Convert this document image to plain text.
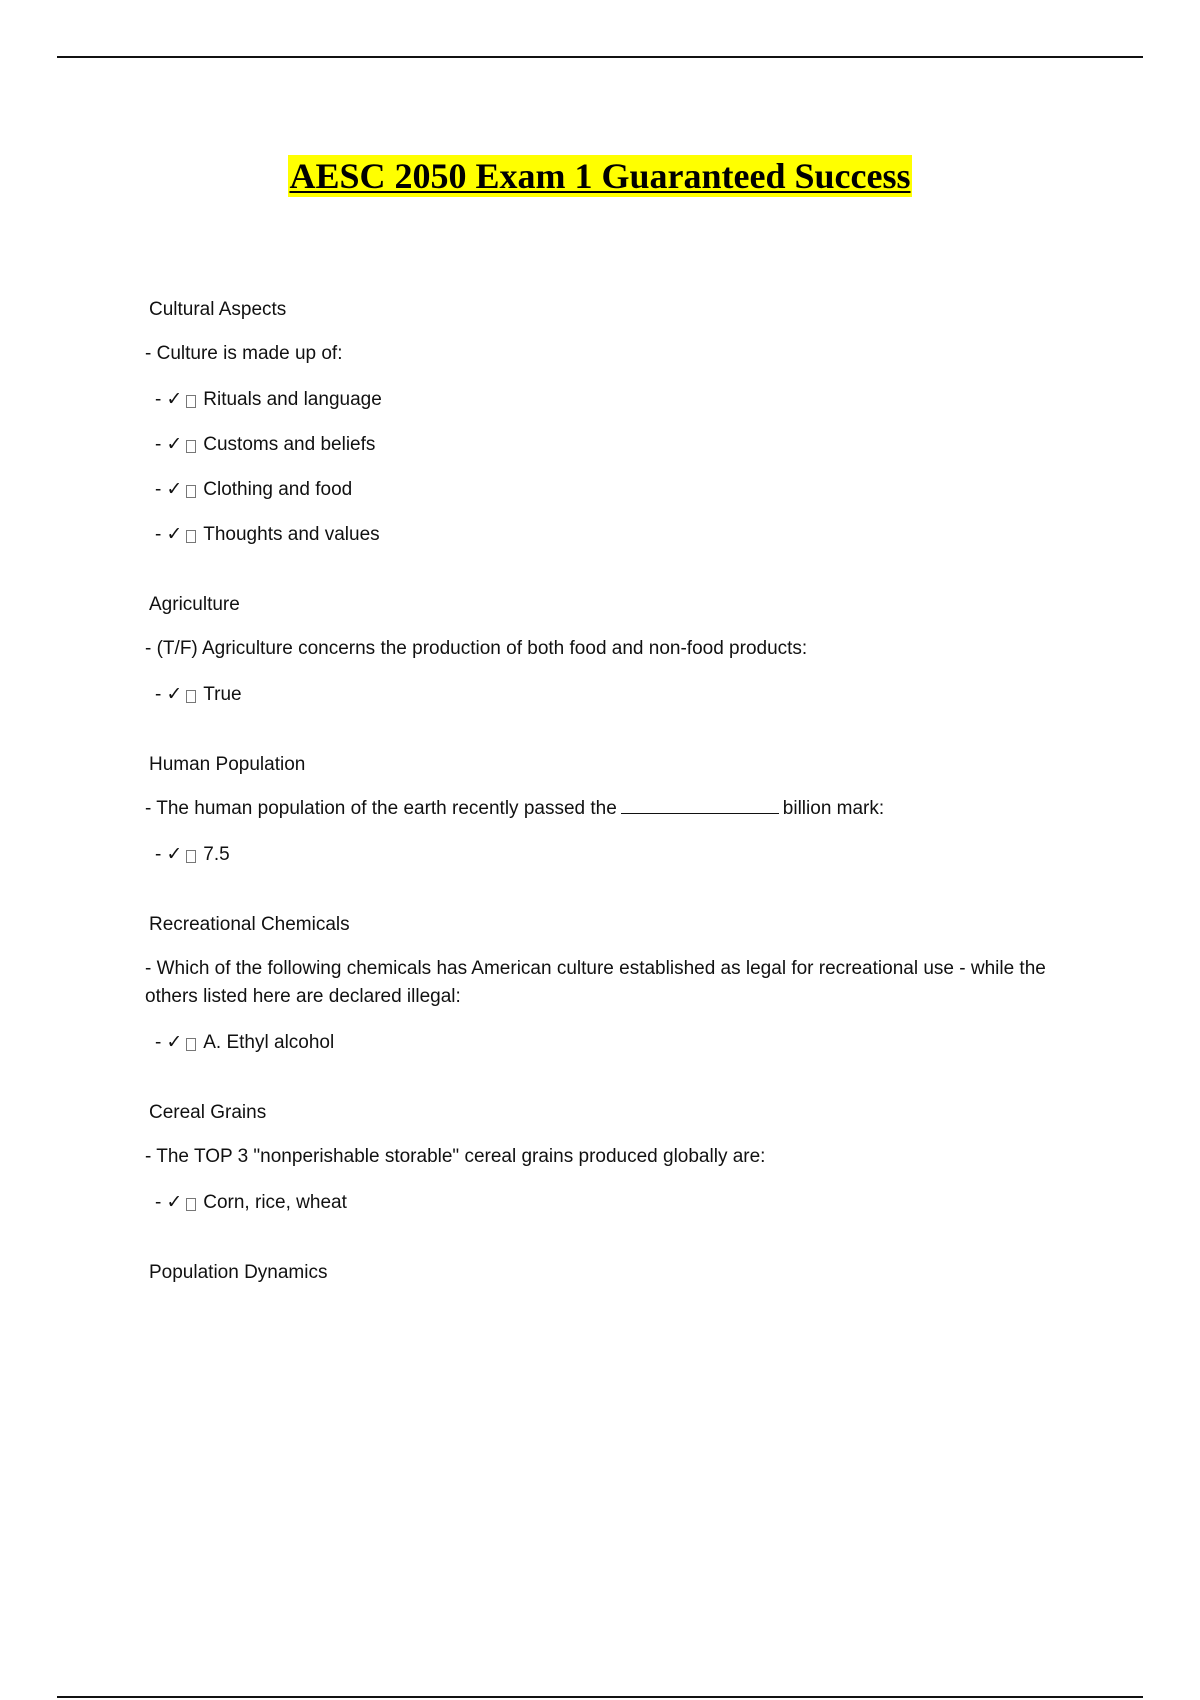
AESC 2050 Exam 1 Guaranteed Success
Cultural Aspects
- Culture is made up of:
- ✓ Rituals and language
- ✓ Customs and beliefs
- ✓ Clothing and food
- ✓ Thoughts and values
Agriculture
- (T/F) Agriculture concerns the production of both food and non-food products:
- ✓ True
Human Population
- The human population of the earth recently passed the	billion mark:
- ✓ 7.5
Recreational Chemicals
- Which of the following chemicals has American culture established as legal for recreational use - while the others listed here are declared illegal:
- ✓ A. Ethyl alcohol
Cereal Grains
- The TOP 3 "nonperishable storable" cereal grains produced globally are:
- ✓ Corn, rice, wheat
Population Dynamics
